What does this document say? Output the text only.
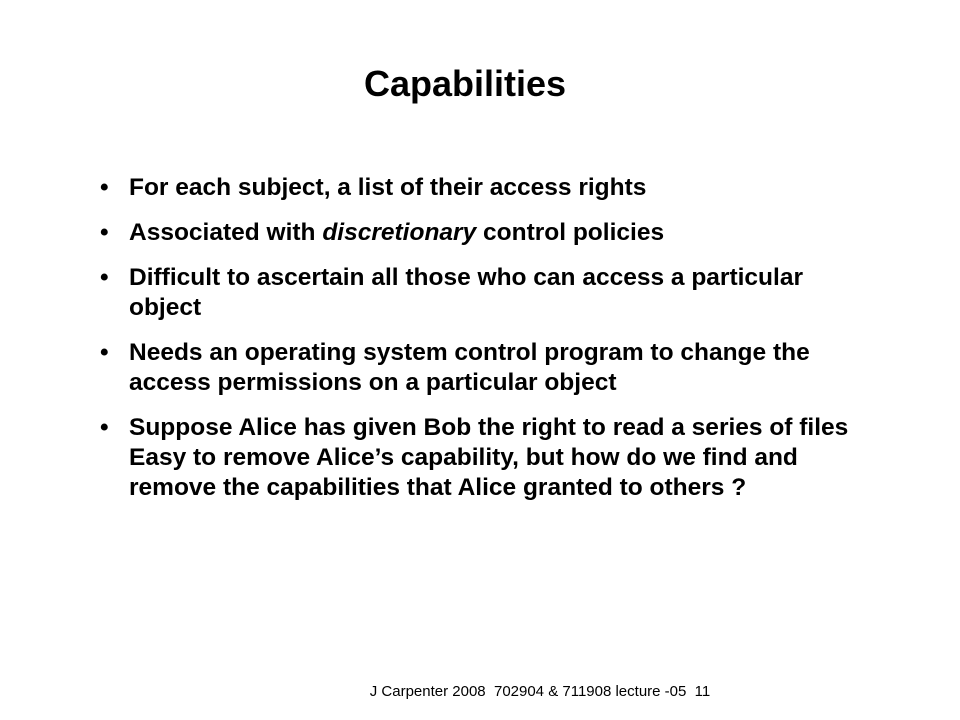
Capabilities
• For each subject, a list of their access rights
• Associated with discretionary control policies
• Difficult to ascertain all those who can access a particular object
• Needs an operating system control program to change the access permissions on a particular object
• Suppose Alice has given Bob the right to read a series of files
Easy to remove Alice’s capability, but how do we find and remove the capabilities that Alice granted to others ?
J Carpenter 2008  702904 & 711908 lecture -05  11
